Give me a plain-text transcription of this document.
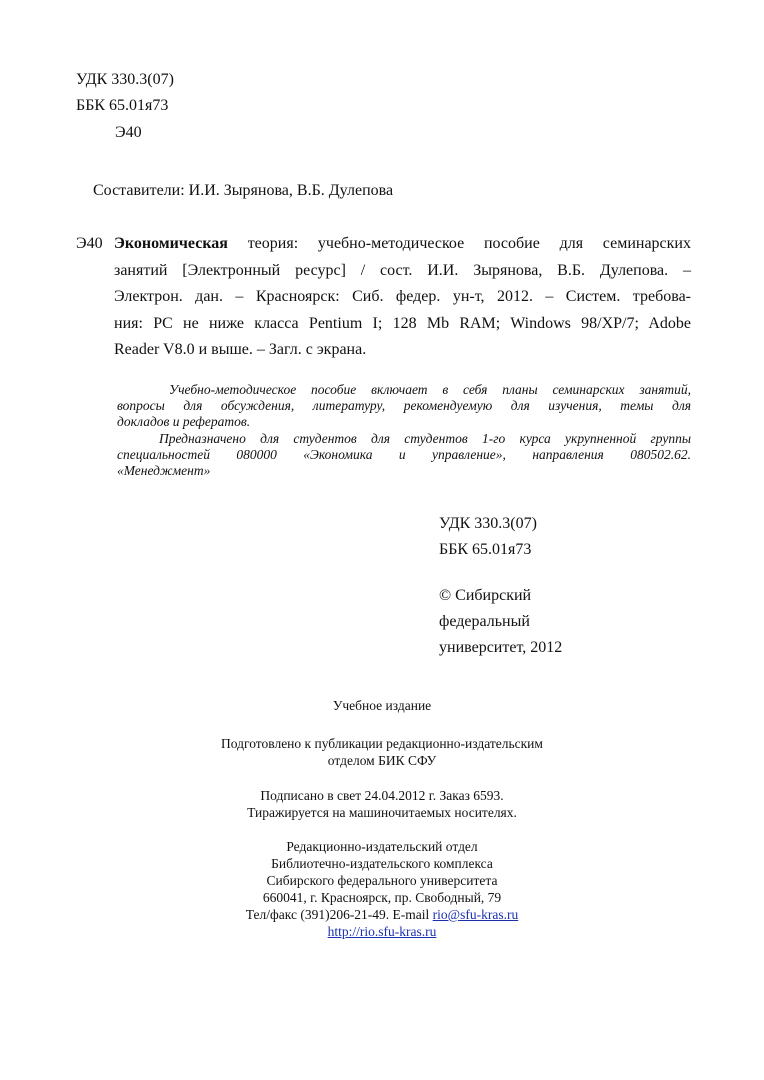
УДК 330.3(07)
ББК 65.01я73
Э40
Составители: И.И. Зырянова, В.Б. Дулепова
Э40 Экономическая теория: учебно-методическое пособие для семинарских
занятий [Электронный ресурс] / сост. И.И. Зырянова, В.Б. Дулепова. –
Электрон. дан. – Красноярск: Сиб. федер. ун-т, 2012. – Систем. требова-
ния: PC не ниже класса Pentium I; 128 Mb RAM; Windows 98/XP/7; Adobe
Reader V8.0 и выше. – Загл. с экрана.
Учебно-методическое пособие включает в себя планы семинарских занятий,
вопросы для обсуждения, литературу, рекомендуемую для изучения, темы для
докладов и рефератов.
Предназначено для студентов для студентов 1-го курса укрупненной группы
специальностей 080000 «Экономика и управление», направления 080502.62.
«Менеджмент»
УДК 330.3(07)
ББК 65.01я73
© Сибирский
федеральный
университет, 2012
Учебное издание
Подготовлено к публикации редакционно-издательским
отделом БИК СФУ
Подписано в свет 24.04.2012 г. Заказ 6593.
Тиражируется на машиночитаемых носителях.
Редакционно-издательский отдел
Библиотечно-издательского комплекса
Сибирского федерального университета
660041, г. Красноярск, пр. Свободный, 79
Тел/факс (391)206-21-49. E-mail rio@sfu-kras.ru
http://rio.sfu-kras.ru
